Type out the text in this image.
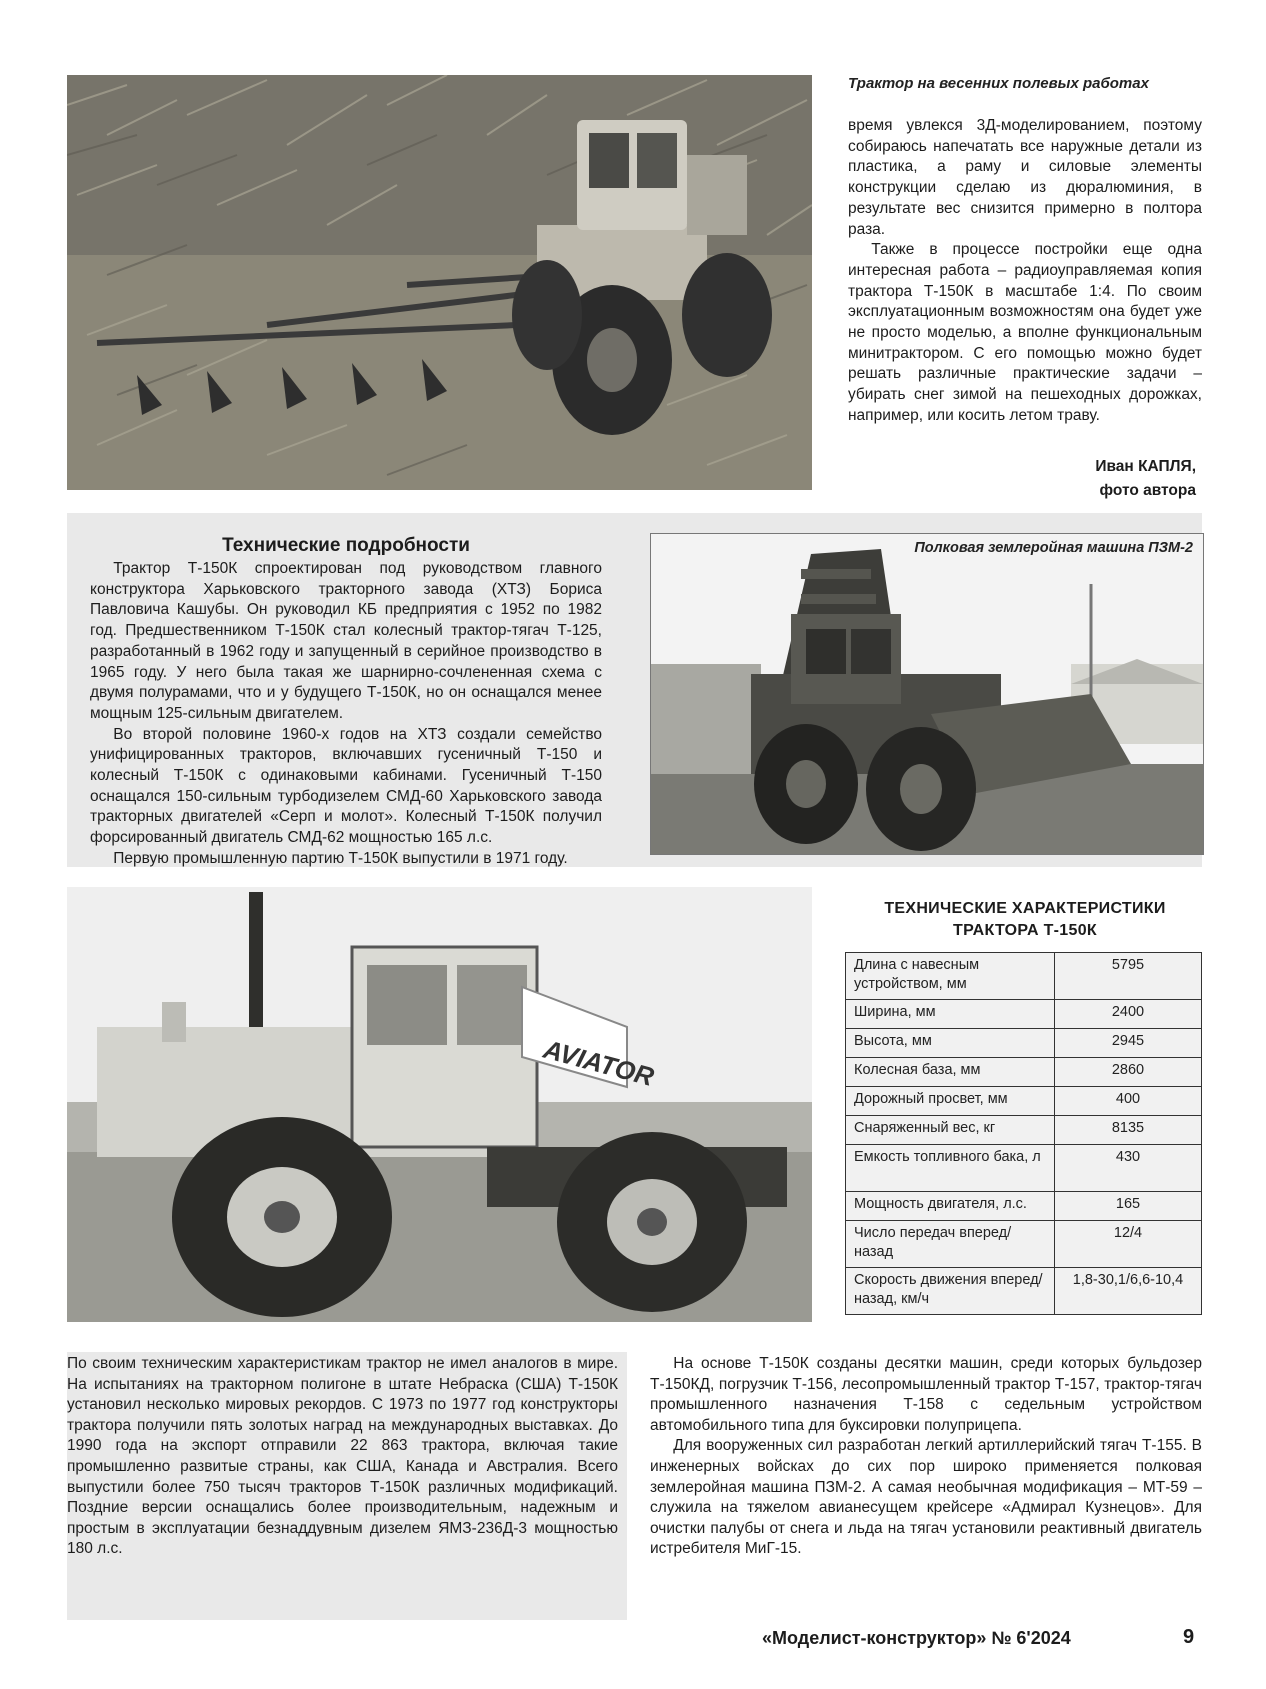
Трактор на весенних полевых работах

время увлекся 3Д-моделированием, поэтому собираюсь напечатать все наружные детали из пластика, а раму и силовые элементы конструкции сделаю из дюралюминия, в результате вес снизится примерно в полтора раза.

Также в процессе постройки еще одна интересная работа – радиоуправляемая копия трактора Т-150К в масштабе 1:4. По своим эксплуатационным возможностям она будет уже не просто моделью, а вполне функциональным минитрактором. С его помощью можно будет решать различные практические задачи – убирать снег зимой на пешеходных дорожках, например, или косить летом траву.

Иван КАПЛЯ,
фото автора
Технические подробности

Трактор Т-150К спроектирован под руководством главного конструктора Харьковского тракторного завода (ХТЗ) Бориса Павловича Кашубы. Он руководил КБ предприятия с 1952 по 1982 год. Предшественником Т-150К стал колесный трактор-тягач Т-125, разработанный в 1962 году и запущенный в серийное производство в 1965 году. У него была такая же шарнирно-сочлененная схема с двумя полурамами, что и у будущего Т-150К, но он оснащался менее мощным 125-сильным двигателем.

Во второй половине 1960-х годов на ХТЗ создали семейство унифицированных тракторов, включавших гусеничный Т-150 и колесный Т-150К с одинаковыми кабинами. Гусеничный Т-150 оснащался 150-сильным турбодизелем СМД-60 Харьковского завода тракторных двигателей «Серп и молот». Колесный Т-150К получил форсированный двигатель СМД-62 мощностью 165 л.с.

Первую промышленную партию Т-150К выпустили в 1971 году.

Полковая землеройная машина ПЗМ-2
AVIATOR
ТЕХНИЧЕСКИЕ ХАРАКТЕРИСТИКИ
ТРАКТОРА Т-150К
Длина с навесным устройством, мм	5795
Ширина, мм	2400
Высота, мм	2945
Колесная база, мм	2860
Дорожный просвет, мм	400
Снаряженный вес, кг	8135
Емкость топливного бака, л	430
Мощность двигателя, л.с.	165
Число передач вперед/назад	12/4
Скорость движения вперед/назад, км/ч	1,8-30,1/6,6-10,4

По своим техническим характеристикам трактор не имел аналогов в мире. На испытаниях на тракторном полигоне в штате Небраска (США) Т-150К установил несколько мировых рекордов. С 1973 по 1977 год конструкторы трактора получили пять золотых наград на международных выставках. До 1990 года на экспорт отправили 22 863 трактора, включая такие промышленно развитые страны, как США, Канада и Австралия. Всего выпустили более 750 тысяч тракторов Т-150К различных модификаций. Поздние версии оснащались более производительным, надежным и простым в эксплуатации безнаддувным дизелем ЯМЗ-236Д-3 мощностью 180 л.с.

На основе Т-150К созданы десятки машин, среди которых бульдозер Т-150КД, погрузчик Т-156, лесопромышленный трактор Т-157, трактор-тягач промышленного назначения Т-158 с седельным устройством автомобильного типа для буксировки полуприцепа.

Для вооруженных сил разработан легкий артиллерийский тягач Т-155. В инженерных войсках до сих пор широко применяется полковая землеройная машина ПЗМ-2. А самая необычная модификация – МТ-59 – служила на тяжелом авианесущем крейсере «Адмирал Кузнецов». Для очистки палубы от снега и льда на тягач установили реактивный двигатель истребителя МиГ-15.

«Моделист-конструктор» № 6'2024	9
